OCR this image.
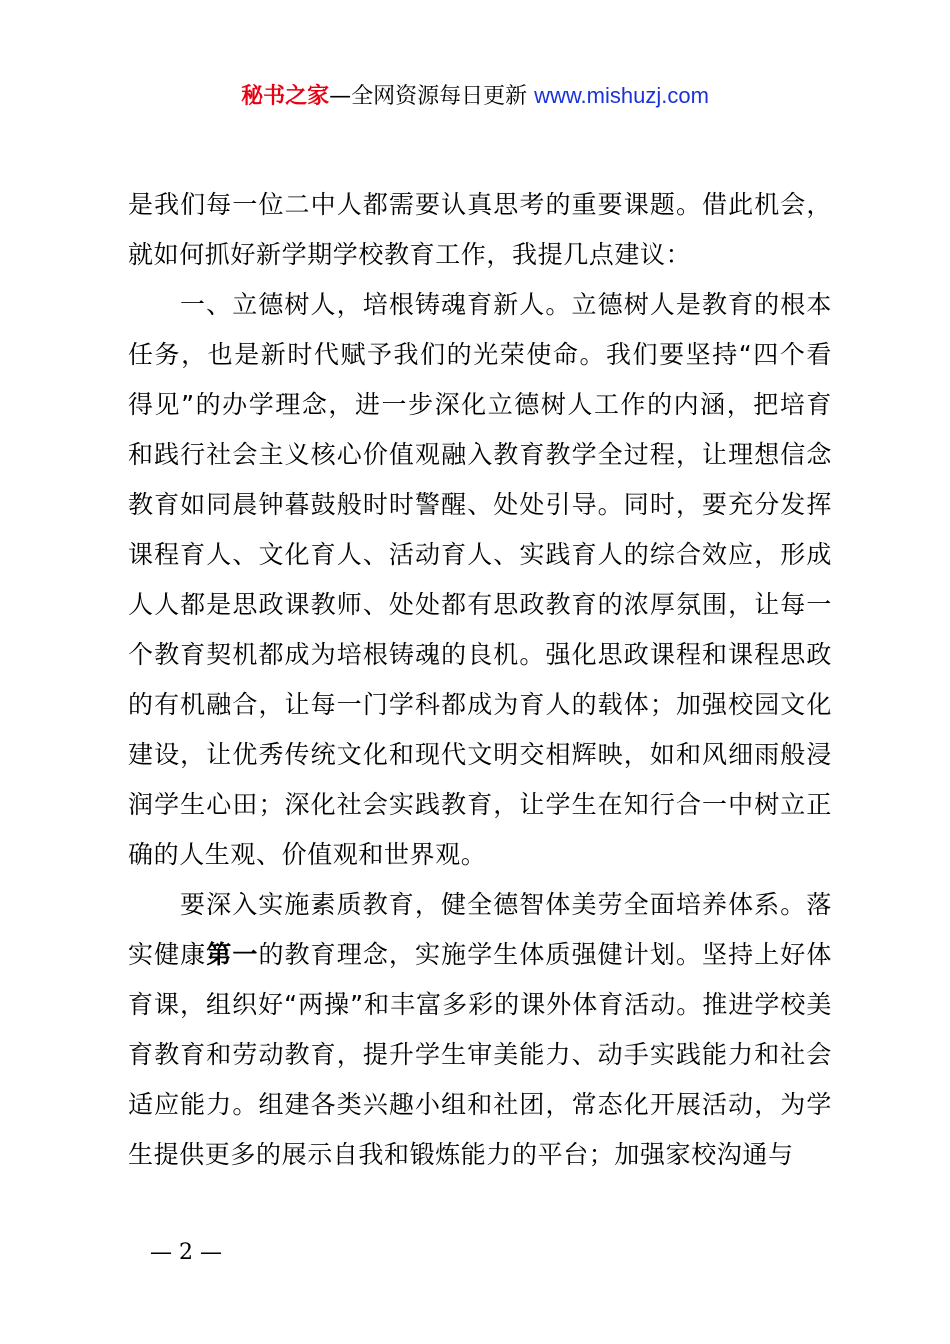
秘书之家—全网资源每日更新 www.mishuzj.com

是我们每一位二中人都需要认真思考的重要课题。借此机会，就如何抓好新学期学校教育工作，我提几点建议：

一、立德树人，培根铸魂育新人。立德树人是教育的根本任务，也是新时代赋予我们的光荣使命。我们要坚持“四个看得见”的办学理念，进一步深化立德树人工作的内涵，把培育和践行社会主义核心价值观融入教育教学全过程，让理想信念教育如同晨钟暮鼓般时时警醒、处处引导。同时，要充分发挥课程育人、文化育人、活动育人、实践育人的综合效应，形成人人都是思政课教师、处处都有思政教育的浓厚氛围，让每一个教育契机都成为培根铸魂的良机。强化思政课程和课程思政的有机融合，让每一门学科都成为育人的载体；加强校园文化建设，让优秀传统文化和现代文明交相辉映，如和风细雨般浸润学生心田；深化社会实践教育，让学生在知行合一中树立正确的人生观、价值观和世界观。

要深入实施素质教育，健全德智体美劳全面培养体系。落实健康第一的教育理念，实施学生体质强健计划。坚持上好体育课，组织好“两操”和丰富多彩的课外体育活动。推进学校美育教育和劳动教育，提升学生审美能力、动手实践能力和社会适应能力。组建各类兴趣小组和社团，常态化开展活动，为学生提供更多的展示自我和锻炼能力的平台；加强家校沟通与

— 2 —
